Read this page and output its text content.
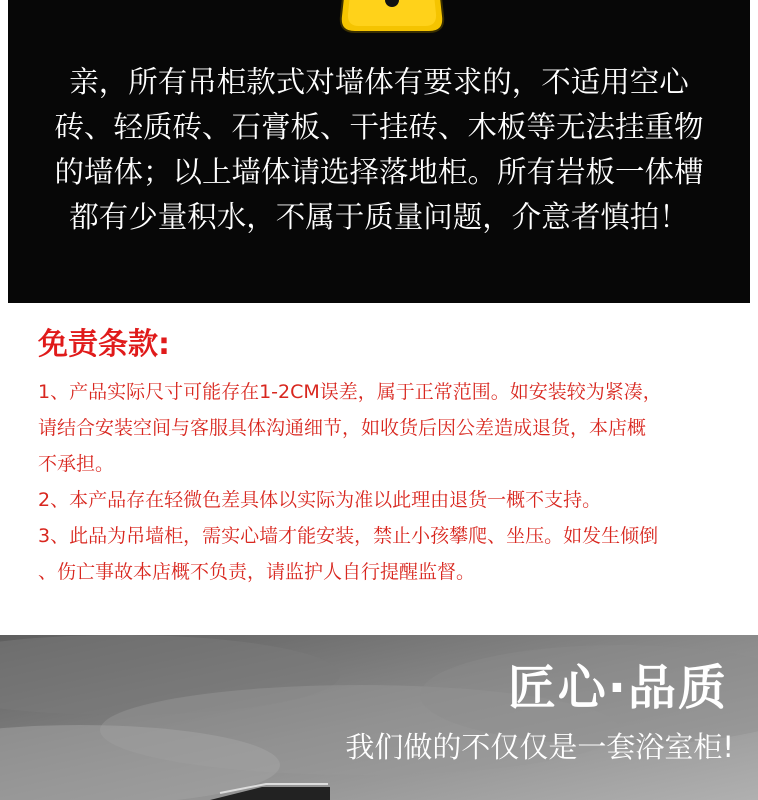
亲，所有吊柜款式对墙体有要求的，不适用空心砖、轻质砖、石膏板、干挂砖、木板等无法挂重物的墙体；以上墙体请选择落地柜。所有岩板一体槽都有少量积水，不属于质量问题，介意者慎拍！

免责条款:
1、产品实际尺寸可能存在1-2CM误差，属于正常范围。如安装较为紧凑，
请结合安装空间与客服具体沟通细节，如收货后因公差造成退货，本店概
不承担。
2、本产品存在轻微色差具体以实际为准以此理由退货一概不支持。
3、此品为吊墙柜，需实心墙才能安装，禁止小孩攀爬、坐压。如发生倾倒
、伤亡事故本店概不负责，请监护人自行提醒监督。
匠心·品质

我们做的不仅仅是一套浴室柜!
